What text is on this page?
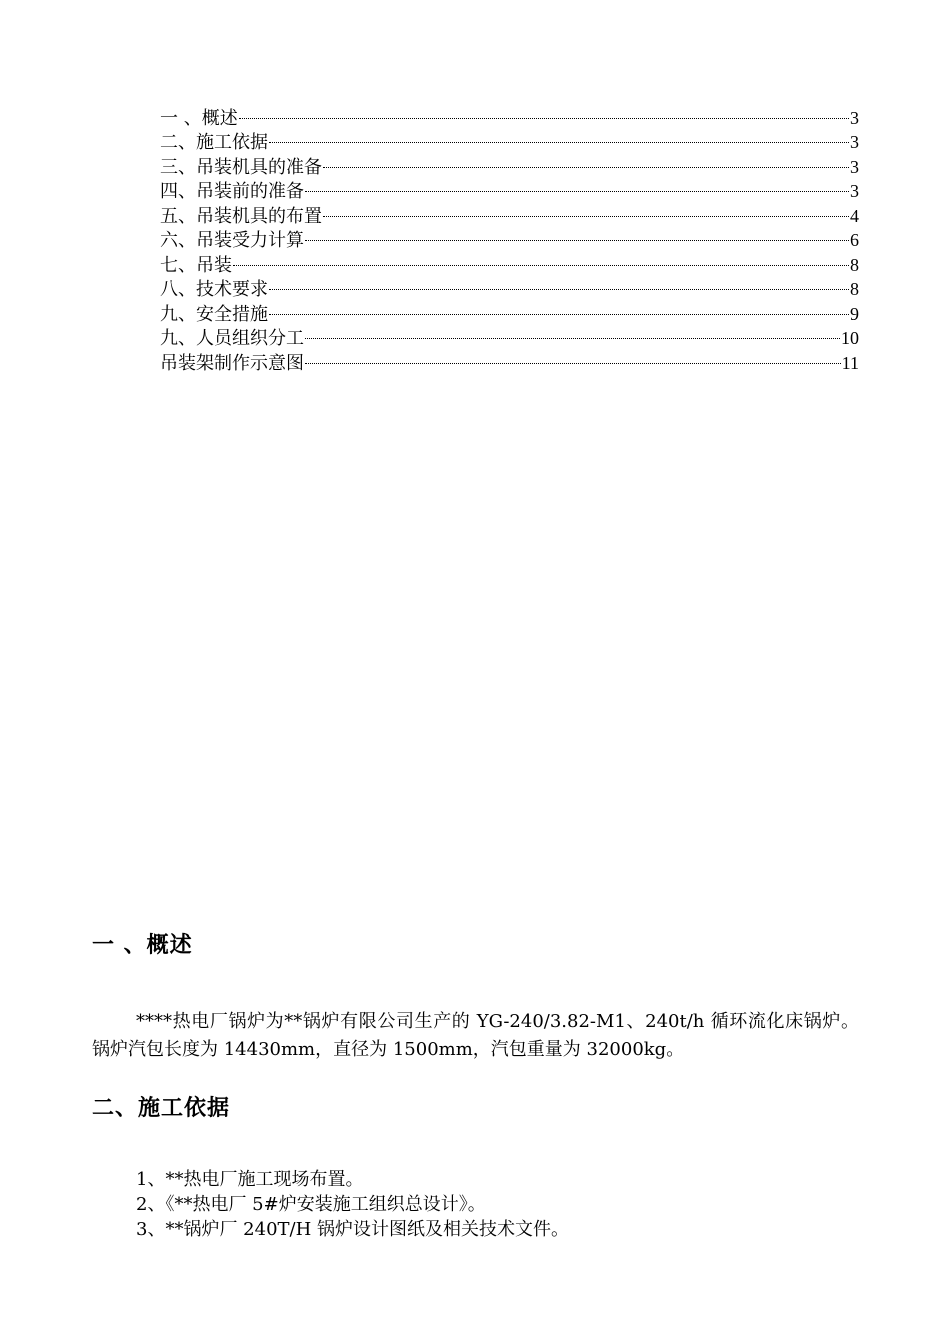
一 、概述	3
二、施工依据	3
三、吊装机具的准备	3
四、吊装前的准备	3
五、吊装机具的布置	4
六、吊装受力计算	6
七、吊装	8
八、技术要求	8
九、安全措施	9
九、人员组织分工	10
吊装架制作示意图	11
一 、概述
****热电厂锅炉为**锅炉有限公司生产的 YG-240/3.82-M1、240t/h 循环流化床锅炉。锅炉汽包长度为 14430mm，直径为 1500mm，汽包重量为 32000kg。
二、施工依据
1、**热电厂施工现场布置。
2、《**热电厂 5#炉安装施工组织总设计》。
3、**锅炉厂 240T/H 锅炉设计图纸及相关技术文件。
